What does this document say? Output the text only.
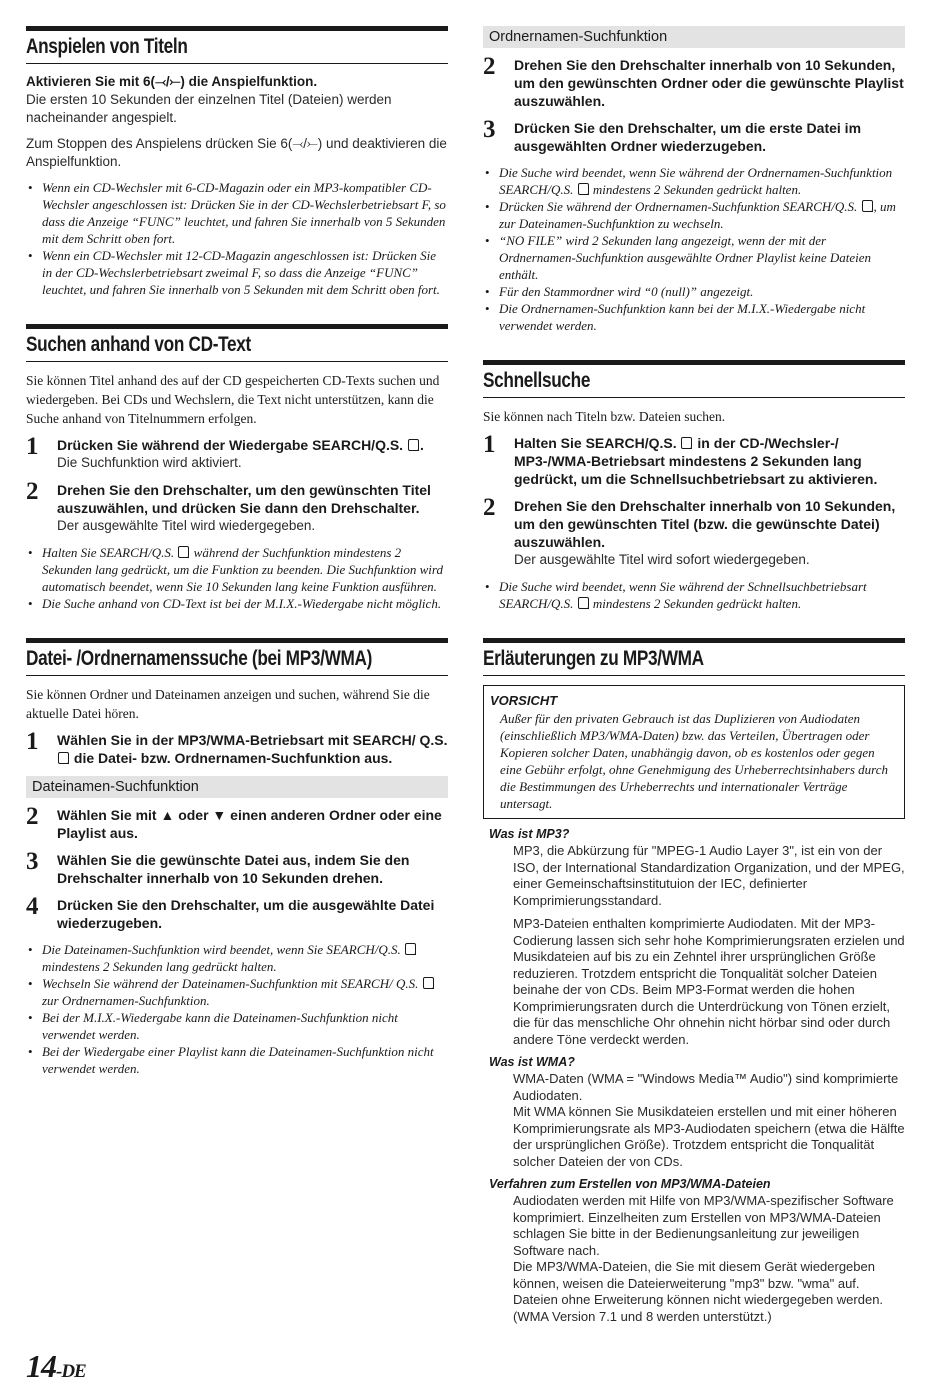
Anspielen von Titeln

Aktivieren Sie mit 6(⤙/⤚) die Anspielfunktion.

Die ersten 10 Sekunden der einzelnen Titel (Dateien) werden nacheinander angespielt.

Zum Stoppen des Anspielens drücken Sie 6(⤙/⤚) und deaktivieren die Anspielfunktion.

• Wenn ein CD-Wechsler mit 6-CD-Magazin oder ein MP3-kompatibler CD-Wechsler angeschlossen ist: Drücken Sie in der CD-Wechslerbetriebsart F, so dass die Anzeige “FUNC” leuchtet, und fahren Sie innerhalb von 5 Sekunden mit dem Schritt oben fort.
• Wenn ein CD-Wechsler mit 12-CD-Magazin angeschlossen ist: Drücken Sie in der CD-Wechslerbetriebsart zweimal F, so dass die Anzeige “FUNC” leuchtet, und fahren Sie innerhalb von 5 Sekunden mit dem Schritt oben fort.
Suchen anhand von CD-Text

Sie können Titel anhand des auf der CD gespeicherten CD-Texts suchen und wiedergeben. Bei CDs und Wechslern, die Text nicht unterstützen, kann die Suche anhand von Titelnummern erfolgen.

1	Drücken Sie während der Wiedergabe SEARCH/Q.S. .
Die Suchfunktion wird aktiviert.
2	Drehen Sie den Drehschalter, um den gewünschten Titel auszuwählen, und drücken Sie dann den Drehschalter.
Der ausgewählte Titel wird wiedergegeben.
• Halten Sie SEARCH/Q.S. während der Suchfunktion mindestens 2 Sekunden lang gedrückt, um die Funktion zu beenden. Die Suchfunktion wird automatisch beendet, wenn Sie 10 Sekunden lang keine Funktion ausführen.
• Die Suche anhand von CD-Text ist bei der M.I.X.-Wiedergabe nicht möglich.
Datei- /Ordnernamenssuche (bei MP3/WMA)

Sie können Ordner und Dateinamen anzeigen und suchen, während Sie die aktuelle Datei hören.

1	Wählen Sie in der MP3/WMA-Betriebsart mit SEARCH/ Q.S.  die Datei- bzw. Ordnernamen-Suchfunktion aus.
Dateinamen-Suchfunktion
2	Wählen Sie mit ▲ oder ▼ einen anderen Ordner oder eine Playlist aus.
3	Wählen Sie die gewünschte Datei aus, indem Sie den Drehschalter innerhalb von 10 Sekunden drehen.
4	Drücken Sie den Drehschalter, um die ausgewählte Datei wiederzugeben.
• Die Dateinamen-Suchfunktion wird beendet, wenn Sie SEARCH/Q.S.  mindestens 2 Sekunden lang gedrückt halten.
• Wechseln Sie während der Dateinamen-Suchfunktion mit SEARCH/ Q.S.  zur Ordnernamen-Suchfunktion.
• Bei der M.I.X.-Wiedergabe kann die Dateinamen-Suchfunktion nicht verwendet werden.
• Bei der Wiedergabe einer Playlist kann die Dateinamen-Suchfunktion nicht verwendet werden.
Ordnernamen-Suchfunktion
2	Drehen Sie den Drehschalter innerhalb von 10 Sekunden, um den gewünschten Ordner oder die gewünschte Playlist auszuwählen.
3	Drücken Sie den Drehschalter, um die erste Datei im ausgewählten Ordner wiederzugeben.
• Die Suche wird beendet, wenn Sie während der Ordnernamen-Suchfunktion SEARCH/Q.S. mindestens 2 Sekunden gedrückt halten.
• Drücken Sie während der Ordnernamen-Suchfunktion SEARCH/Q.S. , um zur Dateinamen-Suchfunktion zu wechseln.
• “NO FILE” wird 2 Sekunden lang angezeigt, wenn der mit der Ordnernamen-Suchfunktion ausgewählte Ordner Playlist keine Dateien enthält.
• Für den Stammordner wird “0 (null)” angezeigt.
• Die Ordnernamen-Suchfunktion kann bei der M.I.X.-Wiedergabe nicht verwendet werden.
Schnellsuche

Sie können nach Titeln bzw. Dateien suchen.

1	Halten Sie SEARCH/Q.S. in der CD-/Wechsler-/ MP3-/WMA-Betriebsart mindestens 2 Sekunden lang gedrückt, um die Schnellsuchbetriebsart zu aktivieren.
2	Drehen Sie den Drehschalter innerhalb von 10 Sekunden, um den gewünschten Titel (bzw. die gewünschte Datei) auszuwählen.
Der ausgewählte Titel wird sofort wiedergegeben.
• Die Suche wird beendet, wenn Sie während der Schnellsuchbetriebsart SEARCH/Q.S. mindestens 2 Sekunden gedrückt halten.
Erläuterungen zu MP3/WMA
VORSICHT
Außer für den privaten Gebrauch ist das Duplizieren von Audiodaten (einschließlich MP3/WMA-Daten) bzw. das Verteilen, Übertragen oder Kopieren solcher Daten, unabhängig davon, ob es kostenlos oder gegen eine Gebühr erfolgt, ohne Genehmigung des Urheberrechtsinhabers durch die Bestimmungen des Urheberrechts und internationaler Verträge untersagt.
Was ist MP3?
MP3, die Abkürzung für "MPEG-1 Audio Layer 3", ist ein von der ISO, der International Standardization Organization, und der MPEG, einer Gemeinschaftsinstitutuion der IEC, definierter Komprimierungsstandard.
MP3-Dateien enthalten komprimierte Audiodaten. Mit der MP3-Codierung lassen sich sehr hohe Komprimierungsraten erzielen und Musikdateien auf bis zu ein Zehntel ihrer ursprünglichen Größe reduzieren. Trotzdem entspricht die Tonqualität solcher Dateien beinahe der von CDs. Beim MP3-Format werden die hohen Komprimierungsraten durch die Unterdrückung von Tönen erzielt, die für das menschliche Ohr ohnehin nicht hörbar sind oder durch andere Töne verdeckt werden.
Was ist WMA?
WMA-Daten (WMA = "Windows Media™ Audio") sind komprimierte Audiodaten.
Mit WMA können Sie Musikdateien erstellen und mit einer höheren Komprimierungsrate als MP3-Audiodaten speichern (etwa die Hälfte der ursprünglichen Größe). Trotzdem entspricht die Tonqualität solcher Dateien der von CDs.
Verfahren zum Erstellen von MP3/WMA-Dateien
Audiodaten werden mit Hilfe von MP3/WMA-spezifischer Software komprimiert. Einzelheiten zum Erstellen von MP3/WMA-Dateien schlagen Sie bitte in der Bedienungsanleitung zur jeweiligen Software nach.
Die MP3/WMA-Dateien, die Sie mit diesem Gerät wiedergeben können, weisen die Dateierweiterung "mp3" bzw. "wma" auf. Dateien ohne Erweiterung können nicht wiedergegeben werden. (WMA Version 7.1 und 8 werden unterstützt.)
14-DE
